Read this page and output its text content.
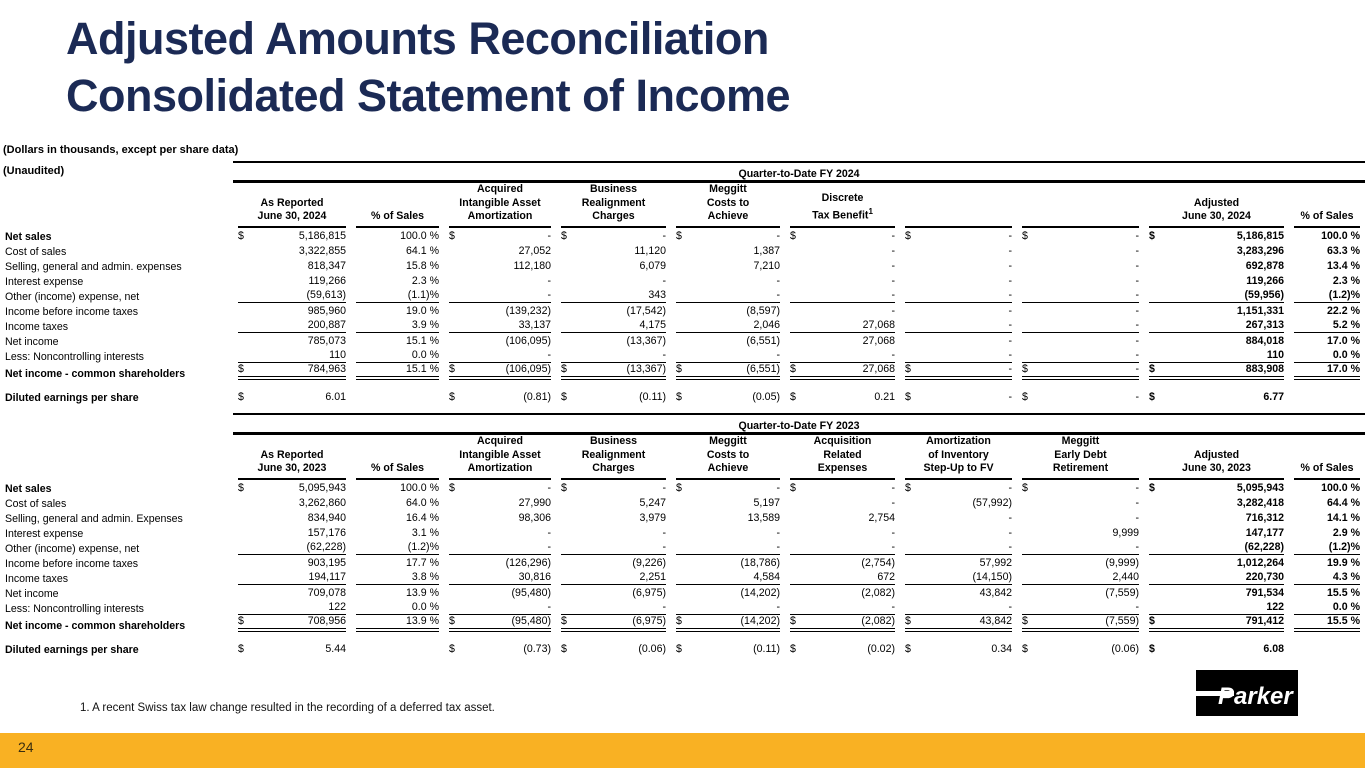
Adjusted Amounts Reconciliation
Consolidated Statement of Income
(Dollars in thousands, except per share data)
(Unaudited)
		Quarter-to-Date FY 2024									

As Reported
June 30, 2024	% of Sales

Acquired
Intangible Asset
Amortization

Business
Realignment
Charges

Meggitt
Costs to
Achieve

Discrete
Tax Benefit$^1$

Adjusted
June 30, 2024	% of Sales

Net sales	$ 5,186,815	100.0 %	$ -	$ -	$ -	$ -	$ -	$ -	$ 5,186,815	100.0 %

Cost of sales	3,322,855	64.1 %	27,052	11,120	1,387	-	-	-	3,283,296	63.3 %

Selling, general and admin. expenses	818,347	15.8 %	112,180	6,079	7,210	-	-	-	692,878	13.4 %

Interest expense	119,266	2.3 %	-	-	-	-	-	-	119,266	2.3 %

Other (income) expense, net	(59,613)	(1.1)%	-	343	-	-	-	-	(59,956)	(1.2)%

Income before income taxes	985,960	19.0 %	(139,232)	(17,542)	(8,597)	-	-	-	1,151,331	22.2 %

Income taxes	200,887	3.9 %	33,137	4,175	2,046	27,068	-	-	267,313	5.2 %

Net income	785,073	15.1 %	(106,095)	(13,367)	(6,551)	27,068	-	-	884,018	17.0 %

Less: Noncontrolling interests	110	0.0 %	-	-	-	-	-	-	110	0.0 %

Net income - common shareholders	$ 784,963	15.1 %	$ (106,095)	$ (13,367)	$ (6,551)	$ 27,068	$ -	$ -	$ 883,908	17.0 %

Diluted earnings per share	$ 6.01		$ (0.81)	$ (0.11)	$ (0.05)	$ 0.21	$ -	$ -	$ 6.77	

	Quarter-to-Date FY 2023									

As Reported
June 30, 2023	% of Sales

Acquired
Intangible Asset
Amortization

Business
Realignment
Charges

Meggitt
Costs to
Achieve

Acquisition
Related
Expenses

Amortization
of Inventory
Step-Up to FV

Meggitt
Early Debt
Retirement

Adjusted
June 30, 2023	% of Sales

Net sales	$ 5,095,943	100.0 %	$ -	$ -	$ -	$ -	$ -	$ -	$ 5,095,943	100.0 %

Cost of sales	3,262,860	64.0 %	27,990	5,247	5,197	-	(57,992)	-	3,282,418	64.4 %

Selling, general and admin. Expenses	834,940	16.4 %	98,306	3,979	13,589	2,754	-	-	716,312	14.1 %

Interest expense	157,176	3.1 %	-	-	-	-	-	9,999	147,177	2.9 %

Other (income) expense, net	(62,228)	(1.2)%	-	-	-	-	-	-	(62,228)	(1.2)%

Income before income taxes	903,195	17.7 %	(126,296)	(9,226)	(18,786)	(2,754)	57,992	(9,999)	1,012,264	19.9 %

Income taxes	194,117	3.8 %	30,816	2,251	4,584	672	(14,150)	2,440	220,730	4.3 %

Net income	709,078	13.9 %	(95,480)	(6,975)	(14,202)	(2,082)	43,842	(7,559)	791,534	15.5 %

Less: Noncontrolling interests	122	0.0 %	-	-	-	-	-	-	122	0.0 %

Net income - common shareholders	$ 708,956	13.9 %	$ (95,480)	$ (6,975)	$ (14,202)	$ (2,082)	$ 43,842	$ (7,559)	$ 791,412	15.5 %

Diluted earnings per share	$ 5.44		$ (0.73)	$ (0.06)	$ (0.11)	$ (0.02)	$ 0.34	$ (0.06)	$ 6.08	

1. A recent Swiss tax law change resulted in the recording of a deferred tax asset.	Parker
24
